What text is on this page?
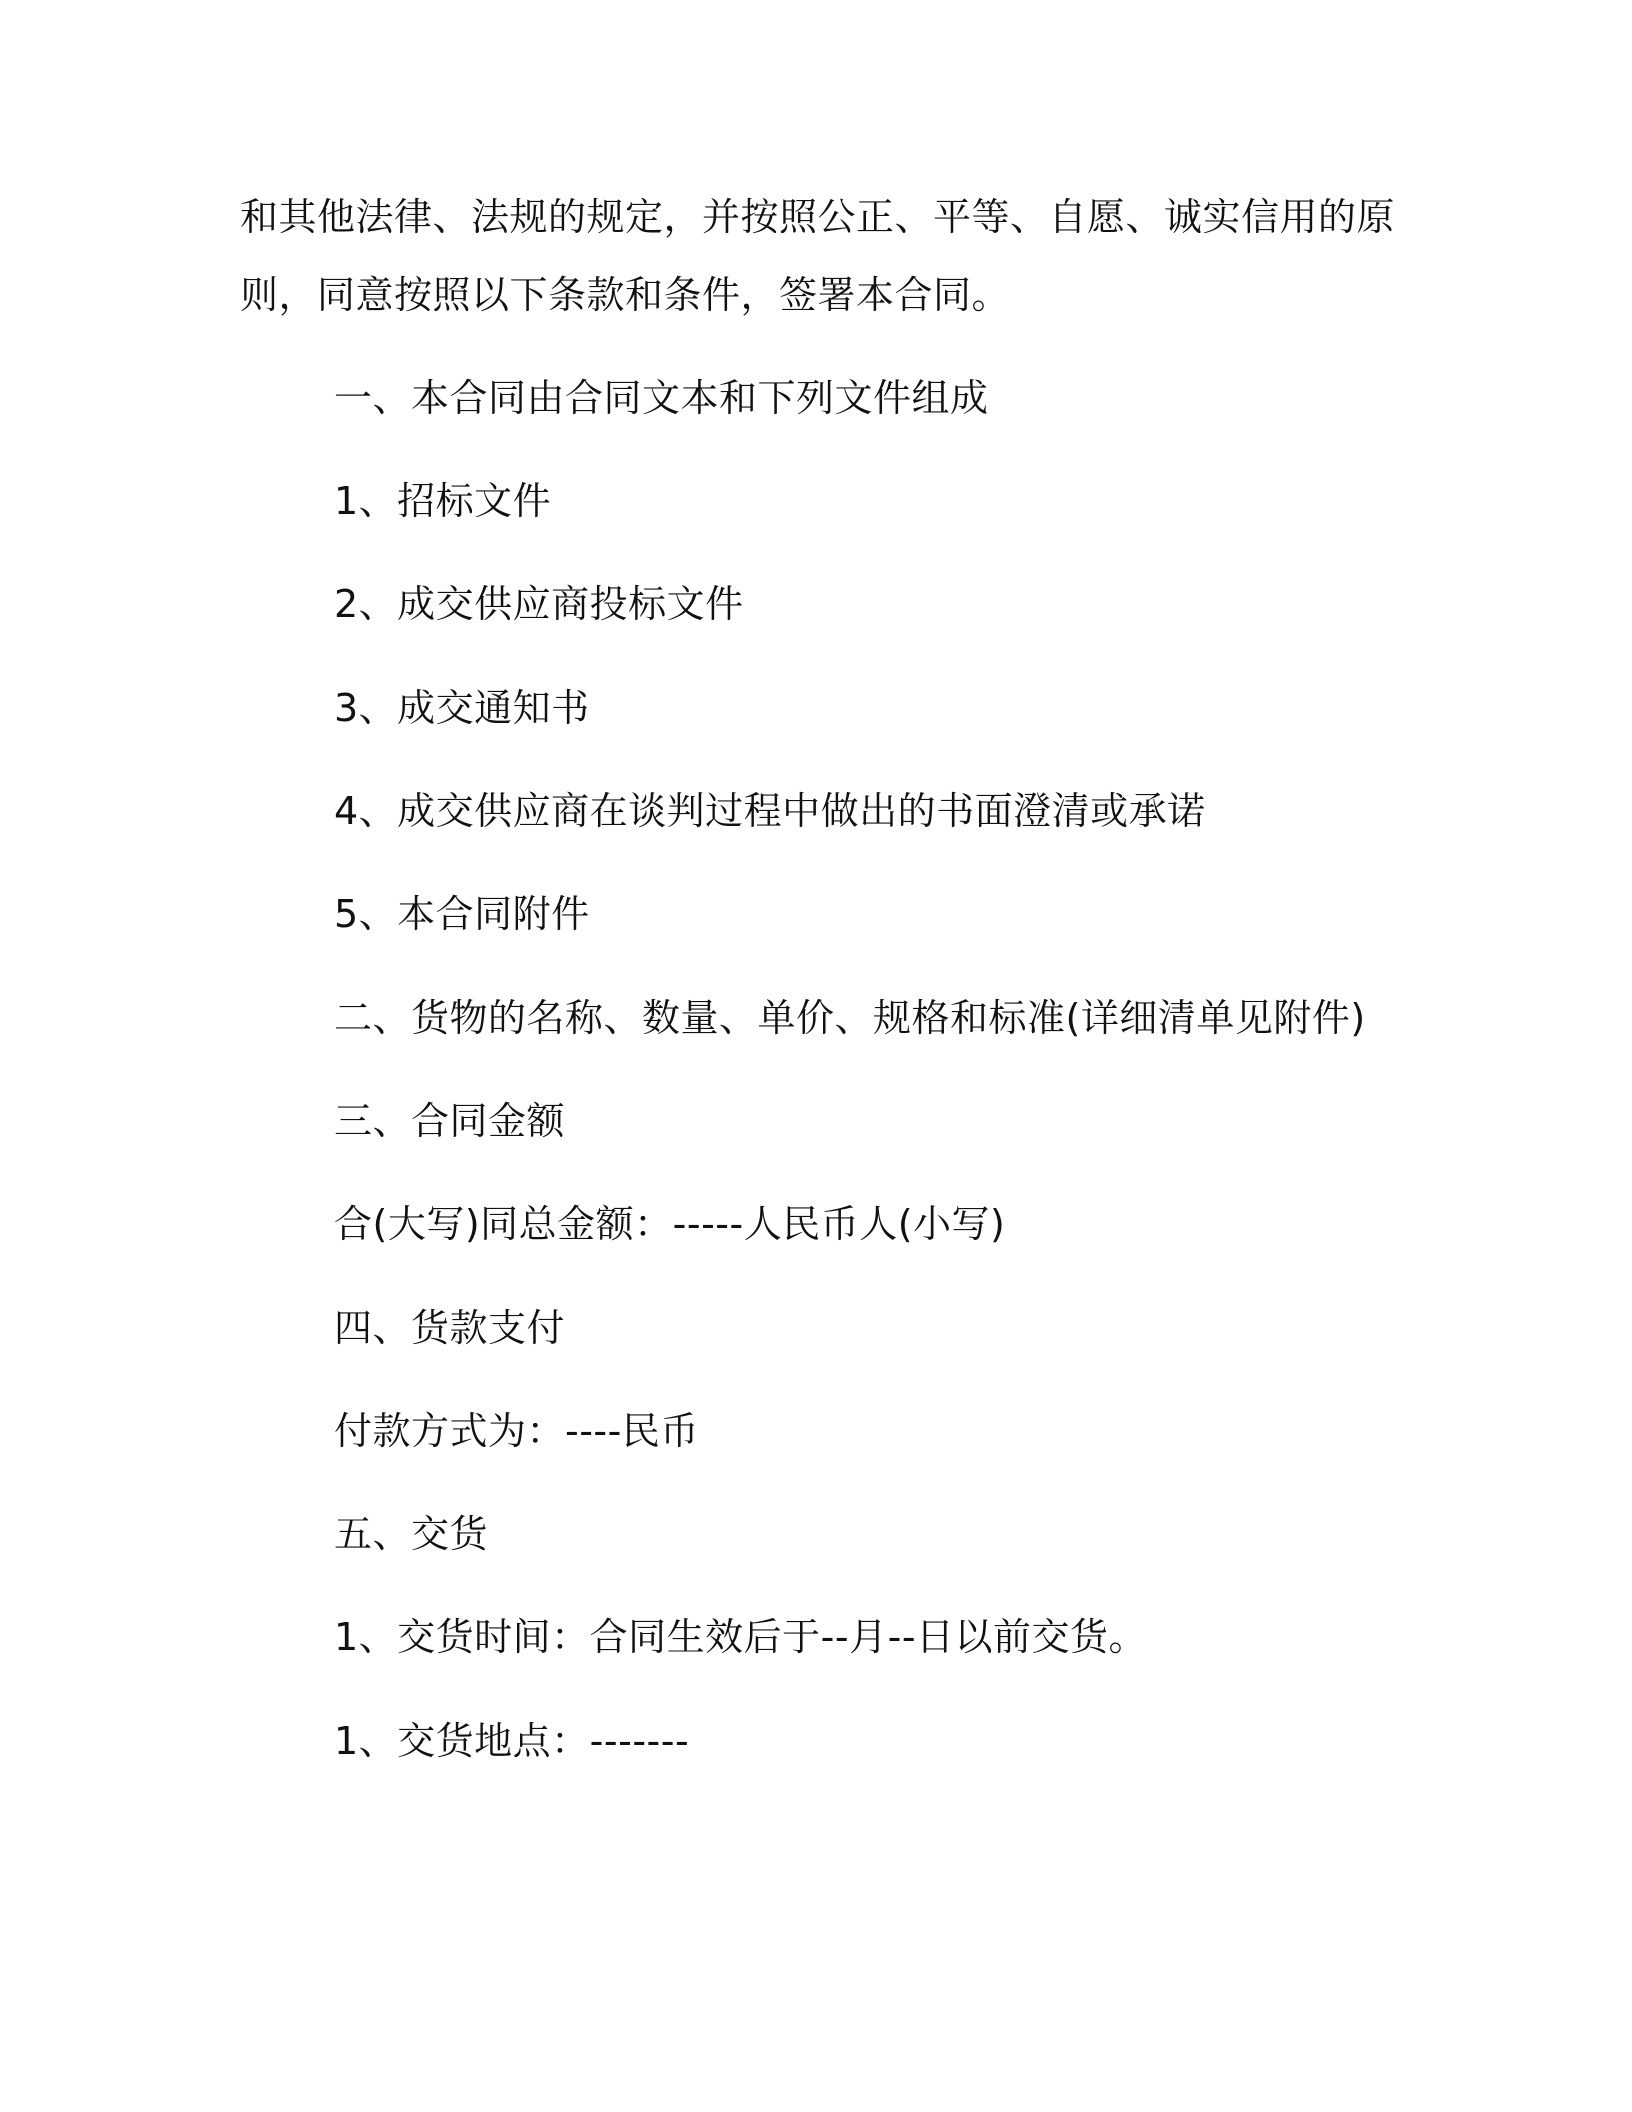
和其他法律、法规的规定，并按照公正、平等、自愿、诚实信用的原
则，同意按照以下条款和条件，签署本合同。
一、本合同由合同文本和下列文件组成
1、招标文件
2、成交供应商投标文件
3、成交通知书
4、成交供应商在谈判过程中做出的书面澄清或承诺
5、本合同附件
二、货物的名称、数量、单价、规格和标准(详细清单见附件)
三、合同金额
合(大写)同总金额：-----人民币人(小写)
四、货款支付
付款方式为：----民币
五、交货
1、交货时间：合同生效后于--月--日以前交货。
1、交货地点：-------
